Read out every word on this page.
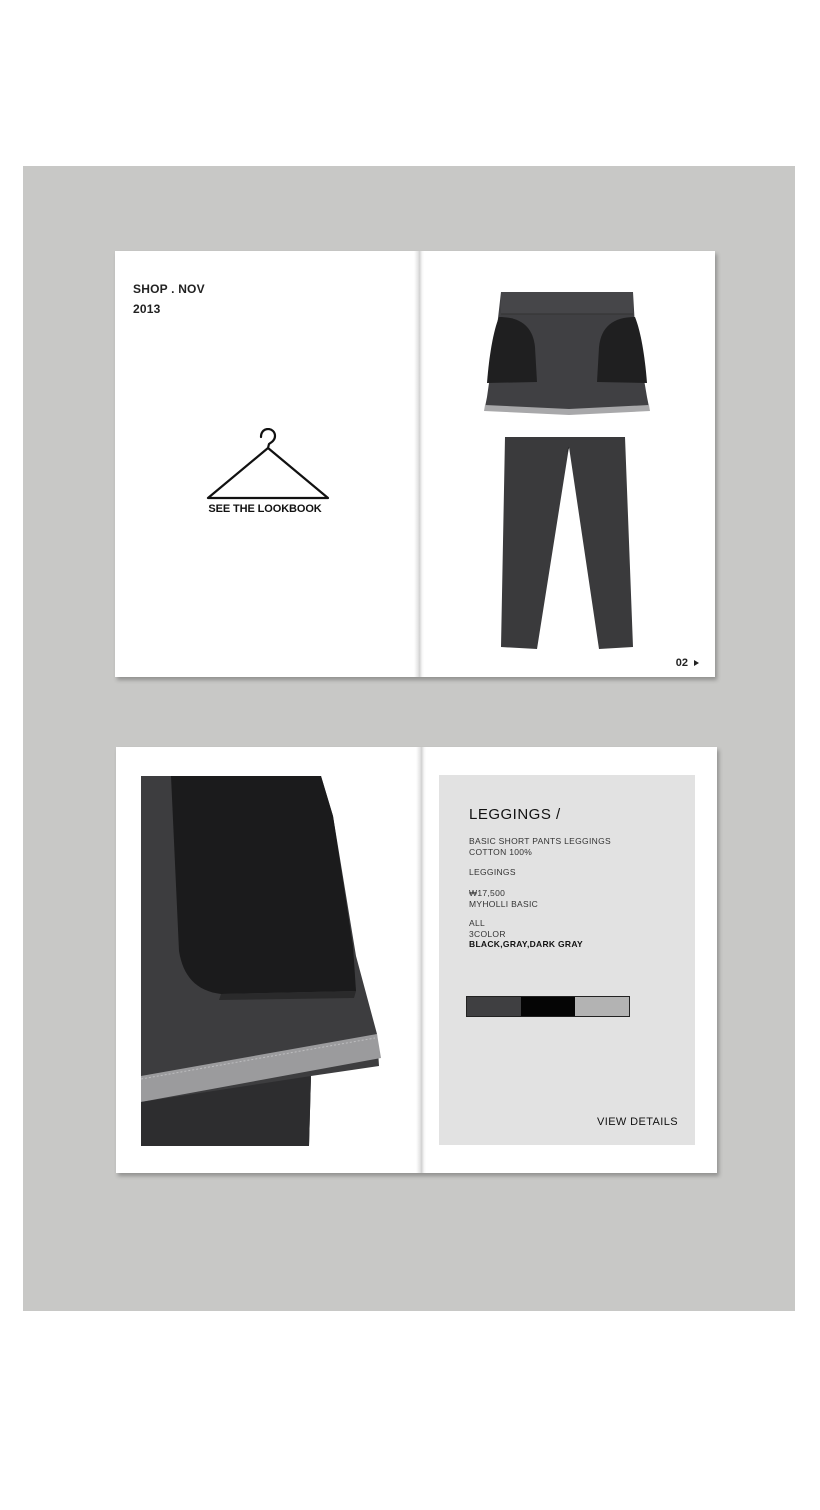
SHOP . NOV
2013
SEE THE LOOKBOOK
02
LEGGINGS /
BASIC SHORT PANTS LEGGINGS
COTTON 100%
LEGGINGS
₩17,500
MYHOLLI BASIC
ALL
3COLOR
BLACK,GRAY,DARK GRAY
VIEW DETAILS
